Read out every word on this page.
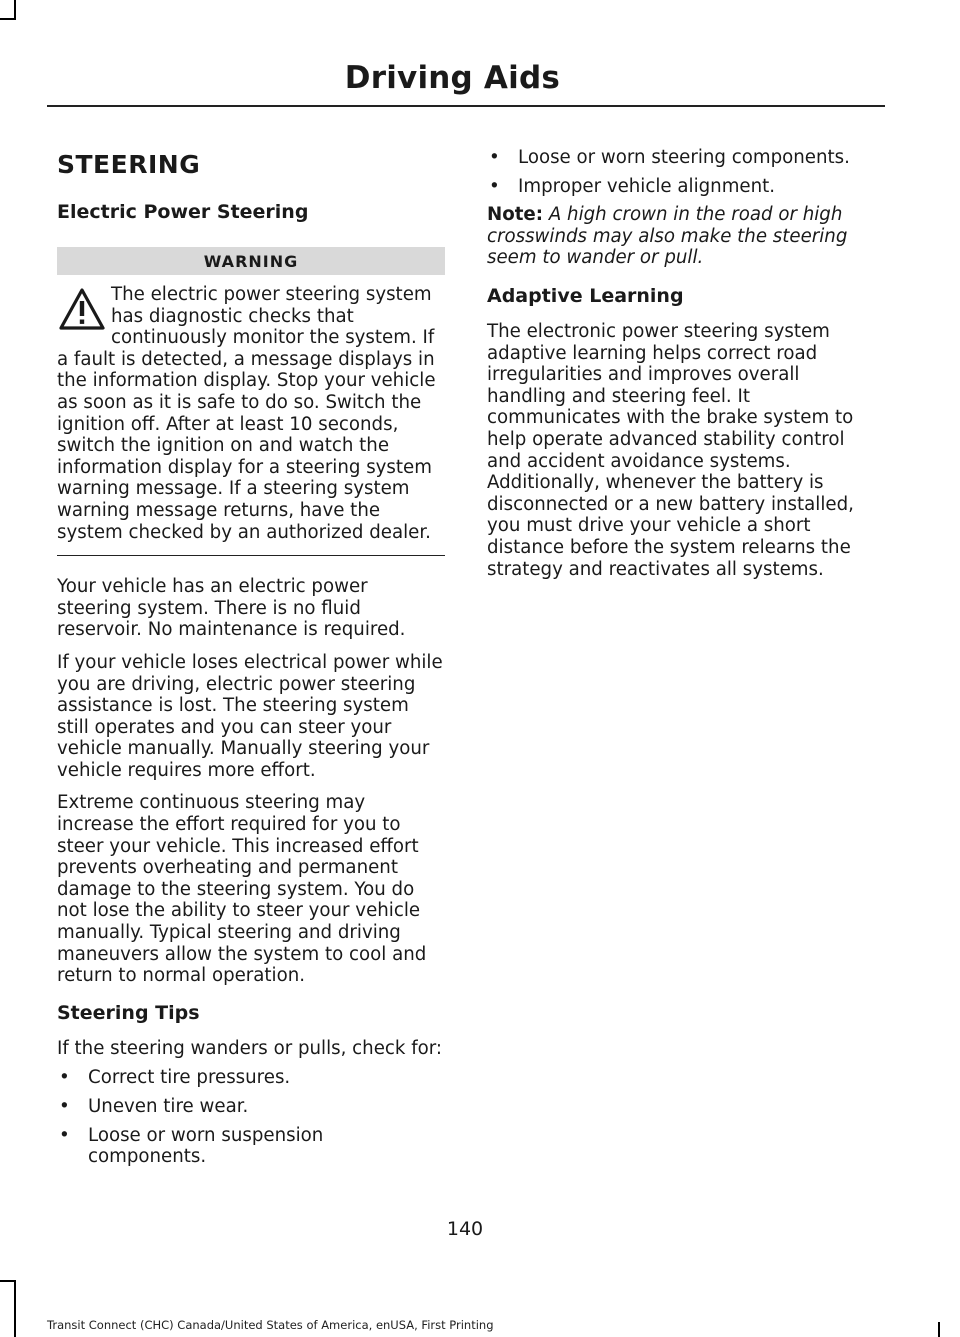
Driving Aids
STEERING
Electric Power Steering
WARNING

The electric power steering system has diagnostic checks that continuously monitor the system. If a fault is detected, a message displays in the information display. Stop your vehicle as soon as it is safe to do so. Switch the ignition off. After at least 10 seconds, switch the ignition on and watch the information display for a steering system warning message. If a steering system warning message returns, have the system checked by an authorized dealer.

Your vehicle has an electric power steering system. There is no fluid reservoir. No maintenance is required.

If your vehicle loses electrical power while you are driving, electric power steering assistance is lost. The steering system still operates and you can steer your vehicle manually. Manually steering your vehicle requires more effort.

Extreme continuous steering may increase the effort required for you to steer your vehicle. This increased effort prevents overheating and permanent damage to the steering system. You do not lose the ability to steer your vehicle manually. Typical steering and driving maneuvers allow the system to cool and return to normal operation.

Steering Tips

If the steering wanders or pulls, check for:

• Correct tire pressures.
• Uneven tire wear.
• Loose or worn suspension components.
• Loose or worn steering components.
• Improper vehicle alignment.

Note: A high crown in the road or high crosswinds may also make the steering seem to wander or pull.

Adaptive Learning

The electronic power steering system adaptive learning helps correct road irregularities and improves overall handling and steering feel. It communicates with the brake system to help operate advanced stability control and accident avoidance systems. Additionally, whenever the battery is disconnected or a new battery installed, you must drive your vehicle a short distance before the system relearns the strategy and reactivates all systems.

140
Transit Connect (CHC) Canada/United States of America, enUSA, First Printing
